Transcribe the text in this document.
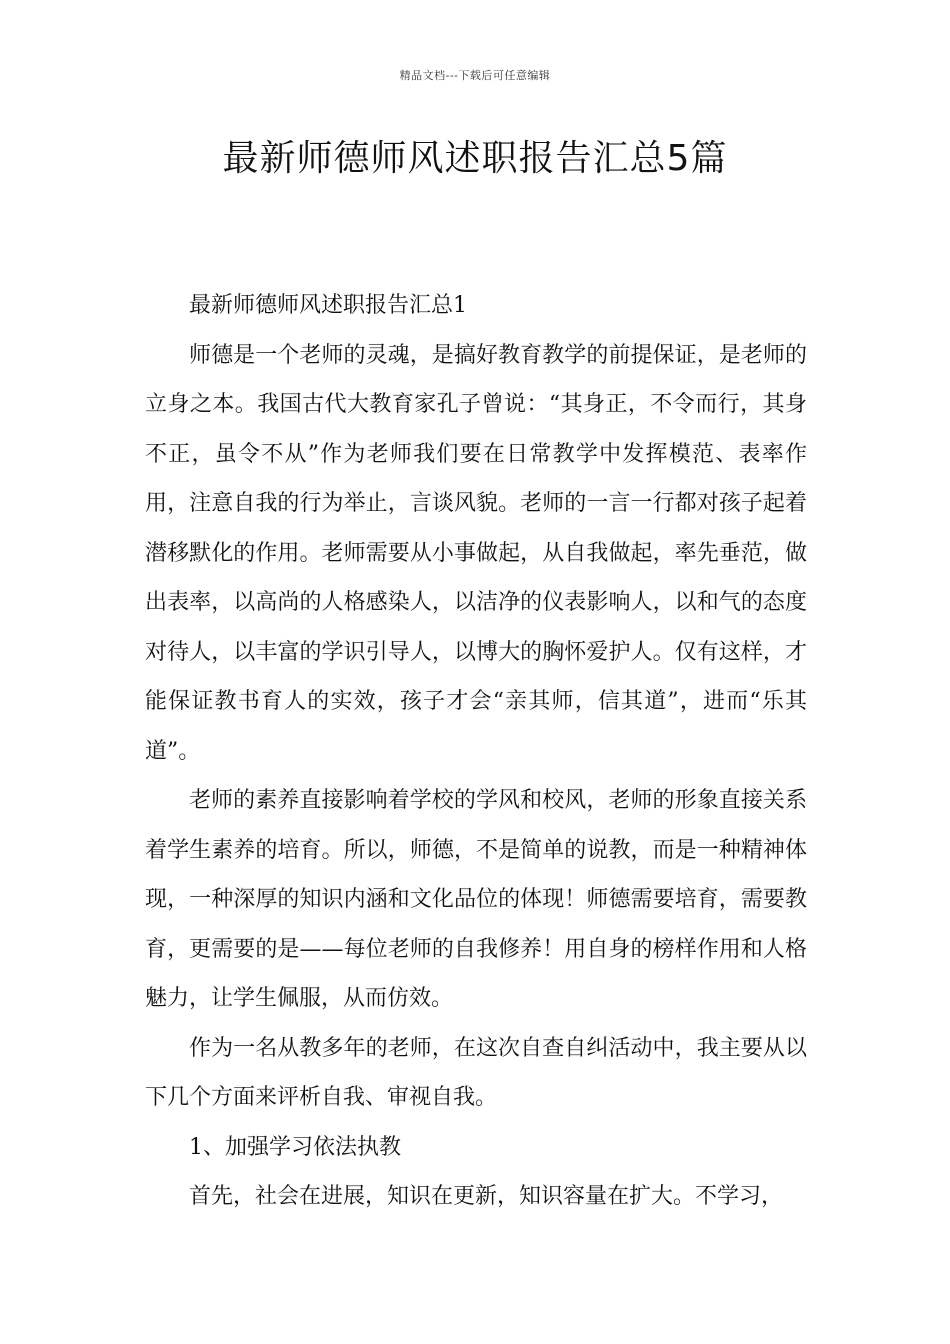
精品文档---下载后可任意编辑
最新师德师风述职报告汇总5篇

最新师德师风述职报告汇总1

师德是一个老师的灵魂，是搞好教育教学的前提保证，是老师的立身之本。我国古代大教育家孔子曾说：“其身正，不令而行，其身不正，虽令不从”作为老师我们要在日常教学中发挥模范、表率作用，注意自我的行为举止，言谈风貌。老师的一言一行都对孩子起着潜移默化的作用。老师需要从小事做起，从自我做起，率先垂范，做出表率，以高尚的人格感染人，以洁净的仪表影响人，以和气的态度对待人，以丰富的学识引导人，以博大的胸怀爱护人。仅有这样，才能保证教书育人的实效，孩子才会“亲其师，信其道”，进而“乐其道”。

老师的素养直接影响着学校的学风和校风，老师的形象直接关系着学生素养的培育。所以，师德，不是简单的说教，而是一种精神体现，一种深厚的知识内涵和文化品位的体现！师德需要培育，需要教育，更需要的是——每位老师的自我修养！用自身的榜样作用和人格魅力，让学生佩服，从而仿效。

作为一名从教多年的老师，在这次自查自纠活动中，我主要从以下几个方面来评析自我、审视自我。

1、加强学习依法执教

首先，社会在进展，知识在更新，知识容量在扩大。不学习，
